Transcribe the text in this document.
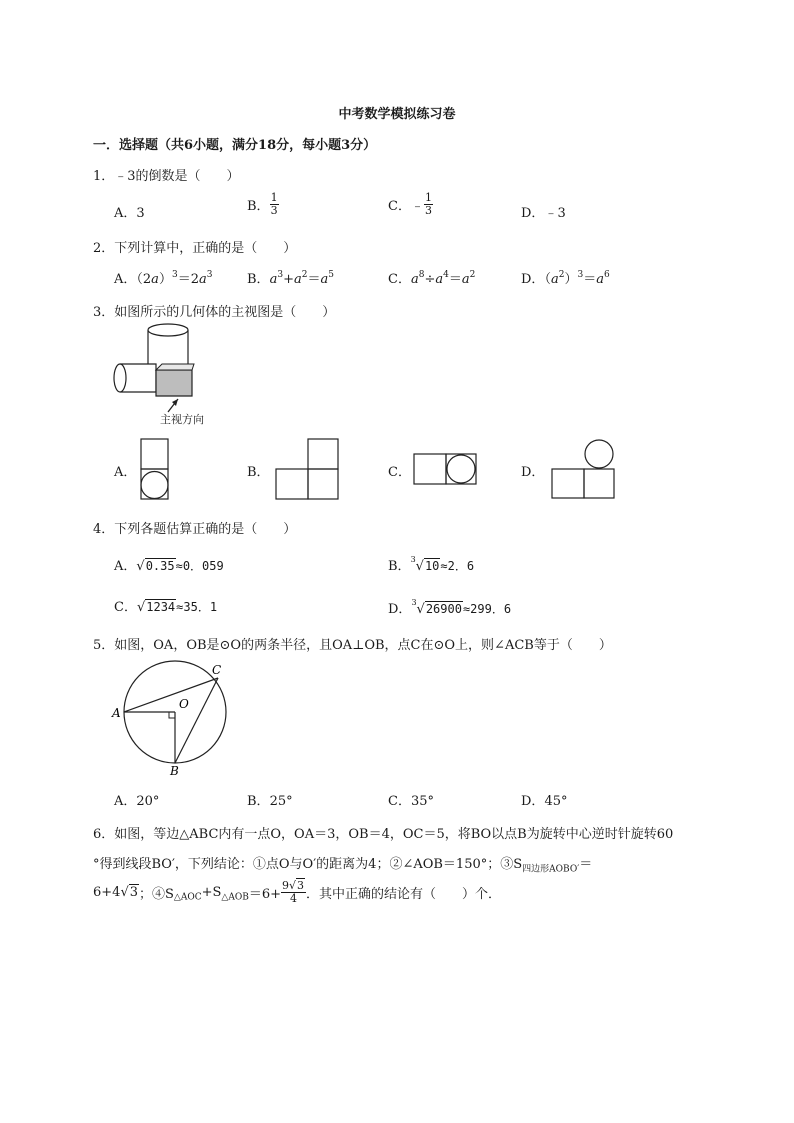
中考数学模拟练习卷
一．选择题（共6小题，满分18分，每小题3分）
1．﹣3的倒数是（　　）
A．3	B． $\frac{1}{3}$	C．﹣ $\frac{1}{3}$	D．﹣3
2．下列计算中，正确的是（　　）
A．$(2a)^3=2a^3$	B．$a^3+a^2=a^5$	C．$a^8\div a^4=a^2$	D．$(a^2)^3=a^6$
3．如图所示的几何体的主视图是（　　）
主视方向
A．	B．	C．	D．
4．下列各题估算正确的是（　　）
A．√0.35≈0．059	B．$^3$√10≈2．6
C．√1234≈35．1	D．$^3$√26900≈299．6
5．如图，OA，OB是⊙O的两条半径，且OA⊥OB，点C在⊙O上，则∠ACB等于（　　）
A
B
C
O
A．20°	B．25°	C．35°	D．45°
6．如图，等边△ABC内有一点O，OA＝3，OB＝4，OC＝5，将BO以点B为旋转中心逆时针旋转60
°得到线段BO′，下列结论：①点O与O′的距离为4；②∠AOB＝150°；$③S_{四边形AOBO'}=$
6+4√3；$④S_{\triangle AOC}+S_{\triangle AOB}=6+ \frac{9√3}{4}$ ．其中正确的结论有（　　）个．
